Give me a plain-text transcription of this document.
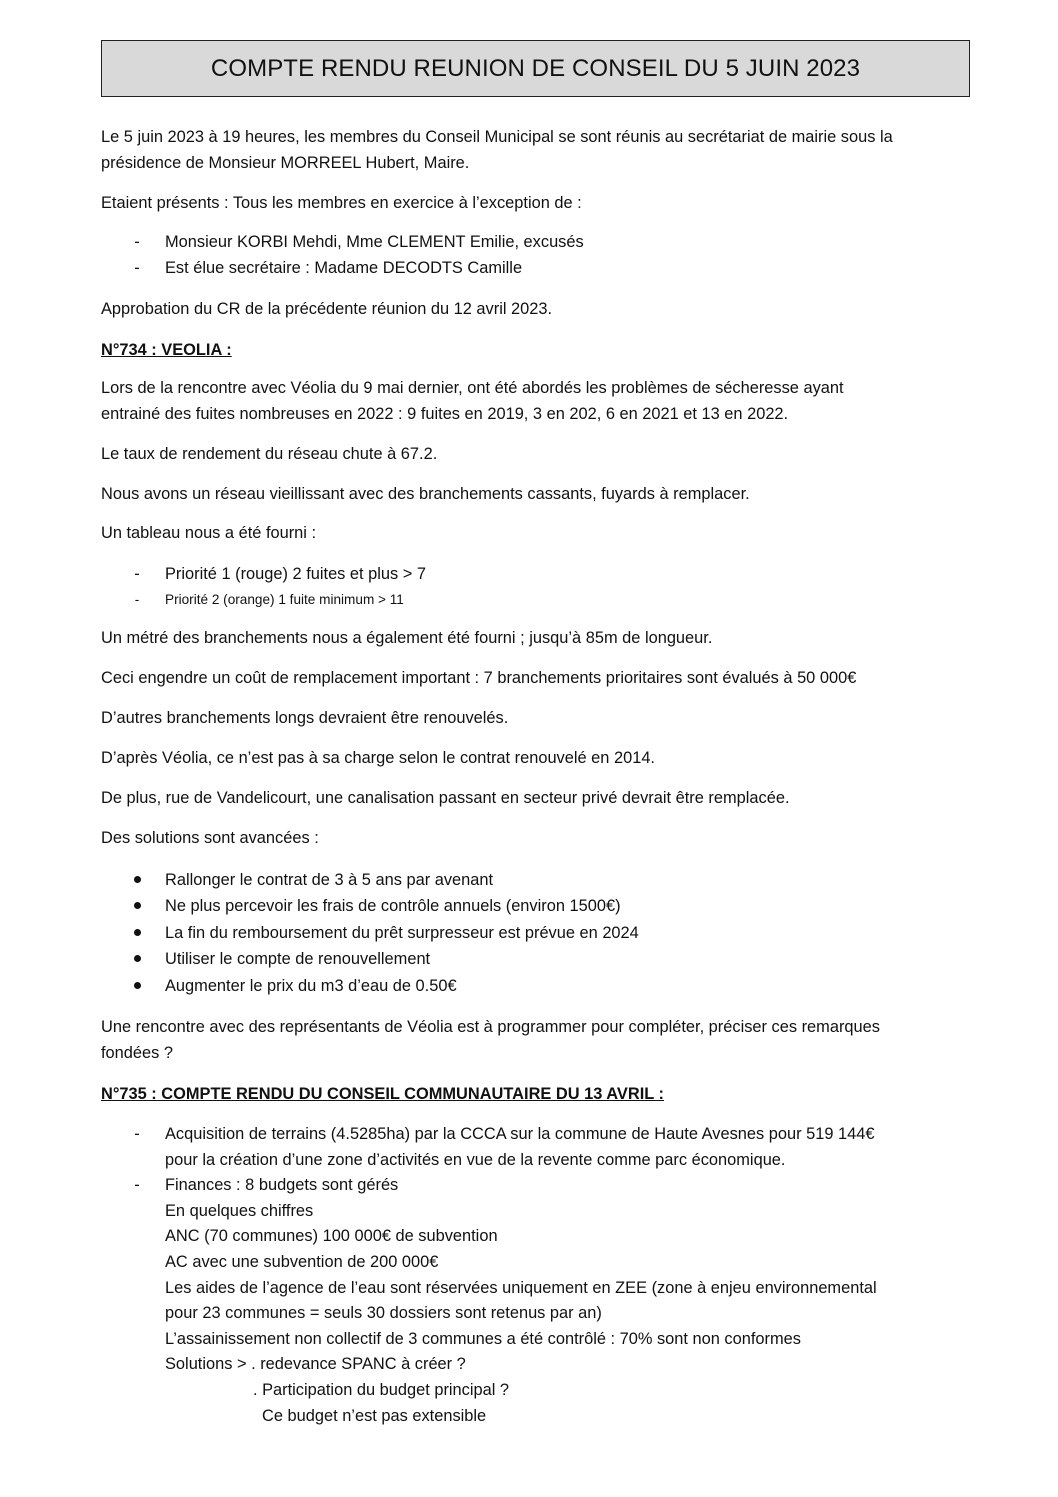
COMPTE RENDU REUNION DE CONSEIL DU 5 JUIN 2023
Le 5 juin 2023 à 19 heures, les membres du Conseil Municipal se sont réunis au secrétariat de mairie sous la
présidence de Monsieur MORREEL Hubert, Maire.
Etaient présents : Tous les membres en exercice à l’exception de :
- Monsieur KORBI Mehdi, Mme CLEMENT Emilie, excusés
- Est élue secrétaire : Madame DECODTS Camille
Approbation du CR de la précédente réunion du 12 avril 2023.
N°734 : VEOLIA :
Lors de la rencontre avec Véolia du 9 mai dernier, ont été abordés les problèmes de sécheresse ayant
entrainé des fuites nombreuses en 2022 : 9 fuites en 2019, 3 en 202, 6 en 2021 et 13 en 2022.
Le taux de rendement du réseau chute à 67.2.
Nous avons un réseau vieillissant avec des branchements cassants, fuyards à remplacer.
Un tableau nous a été fourni :
- Priorité 1 (rouge) 2 fuites et plus > 7
- Priorité 2 (orange) 1 fuite minimum > 11
Un métré des branchements nous a également été fourni ; jusqu’à 85m de longueur.
Ceci engendre un coût de remplacement important : 7 branchements prioritaires sont évalués à 50 000€
D’autres branchements longs devraient être renouvelés.
D’après Véolia, ce n’est pas à sa charge selon le contrat renouvelé en 2014.
De plus, rue de Vandelicourt, une canalisation passant en secteur privé devrait être remplacée.
Des solutions sont avancées :
Rallonger le contrat de 3 à 5 ans par avenant
Ne plus percevoir les frais de contrôle annuels (environ 1500€)
La fin du remboursement du prêt surpresseur est prévue en 2024
Utiliser le compte de renouvellement
Augmenter le prix du m3 d’eau de 0.50€
Une rencontre avec des représentants de Véolia est à programmer pour compléter, préciser ces remarques
fondées ?
N°735 : COMPTE RENDU DU CONSEIL COMMUNAUTAIRE DU 13 AVRIL :
- Acquisition de terrains (4.5285ha) par la CCCA sur la commune de Haute Avesnes pour 519 144€
pour la création d’une zone d’activités en vue de la revente comme parc économique.
- Finances : 8 budgets sont gérés
En quelques chiffres
ANC (70 communes) 100 000€ de subvention
AC avec une subvention de 200 000€
Les aides de l’agence de l’eau sont réservées uniquement en ZEE (zone à enjeu environnemental
pour 23 communes = seuls 30 dossiers sont retenus par an)
L’assainissement non collectif de 3 communes a été contrôlé : 70% sont non conformes
Solutions > . redevance SPANC à créer ?
. Participation du budget principal ?
Ce budget n’est pas extensible
